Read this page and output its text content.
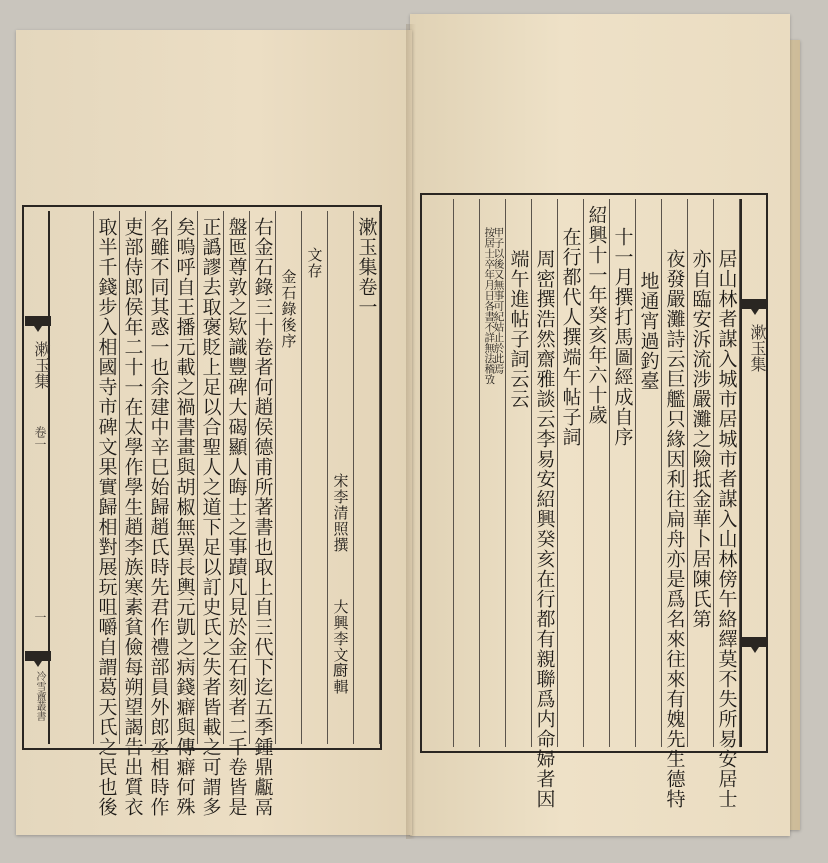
漱玉集
卷一
一
冷雪盦叢書
漱玉集卷一
宋李清照撰
大興李文𢊍輯
文存
金石錄後序
右金石錄三十卷者何趙侯德甫所著書也取上自三代下迄五季鍾鼎甗鬲
盤匜尊敦之欵識豐碑大碣顯人晦士之事蹟凡見於金石刻者二千卷皆是
正譌謬去取褒貶上足以合聖人之道下足以訂史氏之失者皆載之可謂多
矣嗚呼自王播元載之禍書畫與胡椒無異長輿元凱之病錢癖與傳癖何殊
名雖不同其惑一也余建中辛巳始歸趙氏時先君作禮部員外郎丞相時作
吏部侍郎侯年二十一在太學作學生趙李族寒素貧儉每朔望謁告出質衣
取半千錢步入相國寺市碑文果實歸相對展玩咀嚼自謂葛天氏之民也後	漱玉集
居山林者謀入城市居城市者謀入山林傍午絡繹莫不失所易安居士
亦自臨安泝流涉嚴灘之險抵金華卜居陳氏第
夜發嚴灘詩云巨艦只緣因利往扁舟亦是爲名來往來有媿先生德特
地通宵過釣臺
十一月撰打馬圖經成自序
紹興十一年癸亥年六十歲
在行都代人撰端午帖子詞
周密撰浩然齋雅談云李易安紹興癸亥在行都有親聯爲内命婦者因
端午進帖子詞云云
按居士卒年月日各書不詳無法稽攷
甲子以後又無事可紀姑止於此焉
